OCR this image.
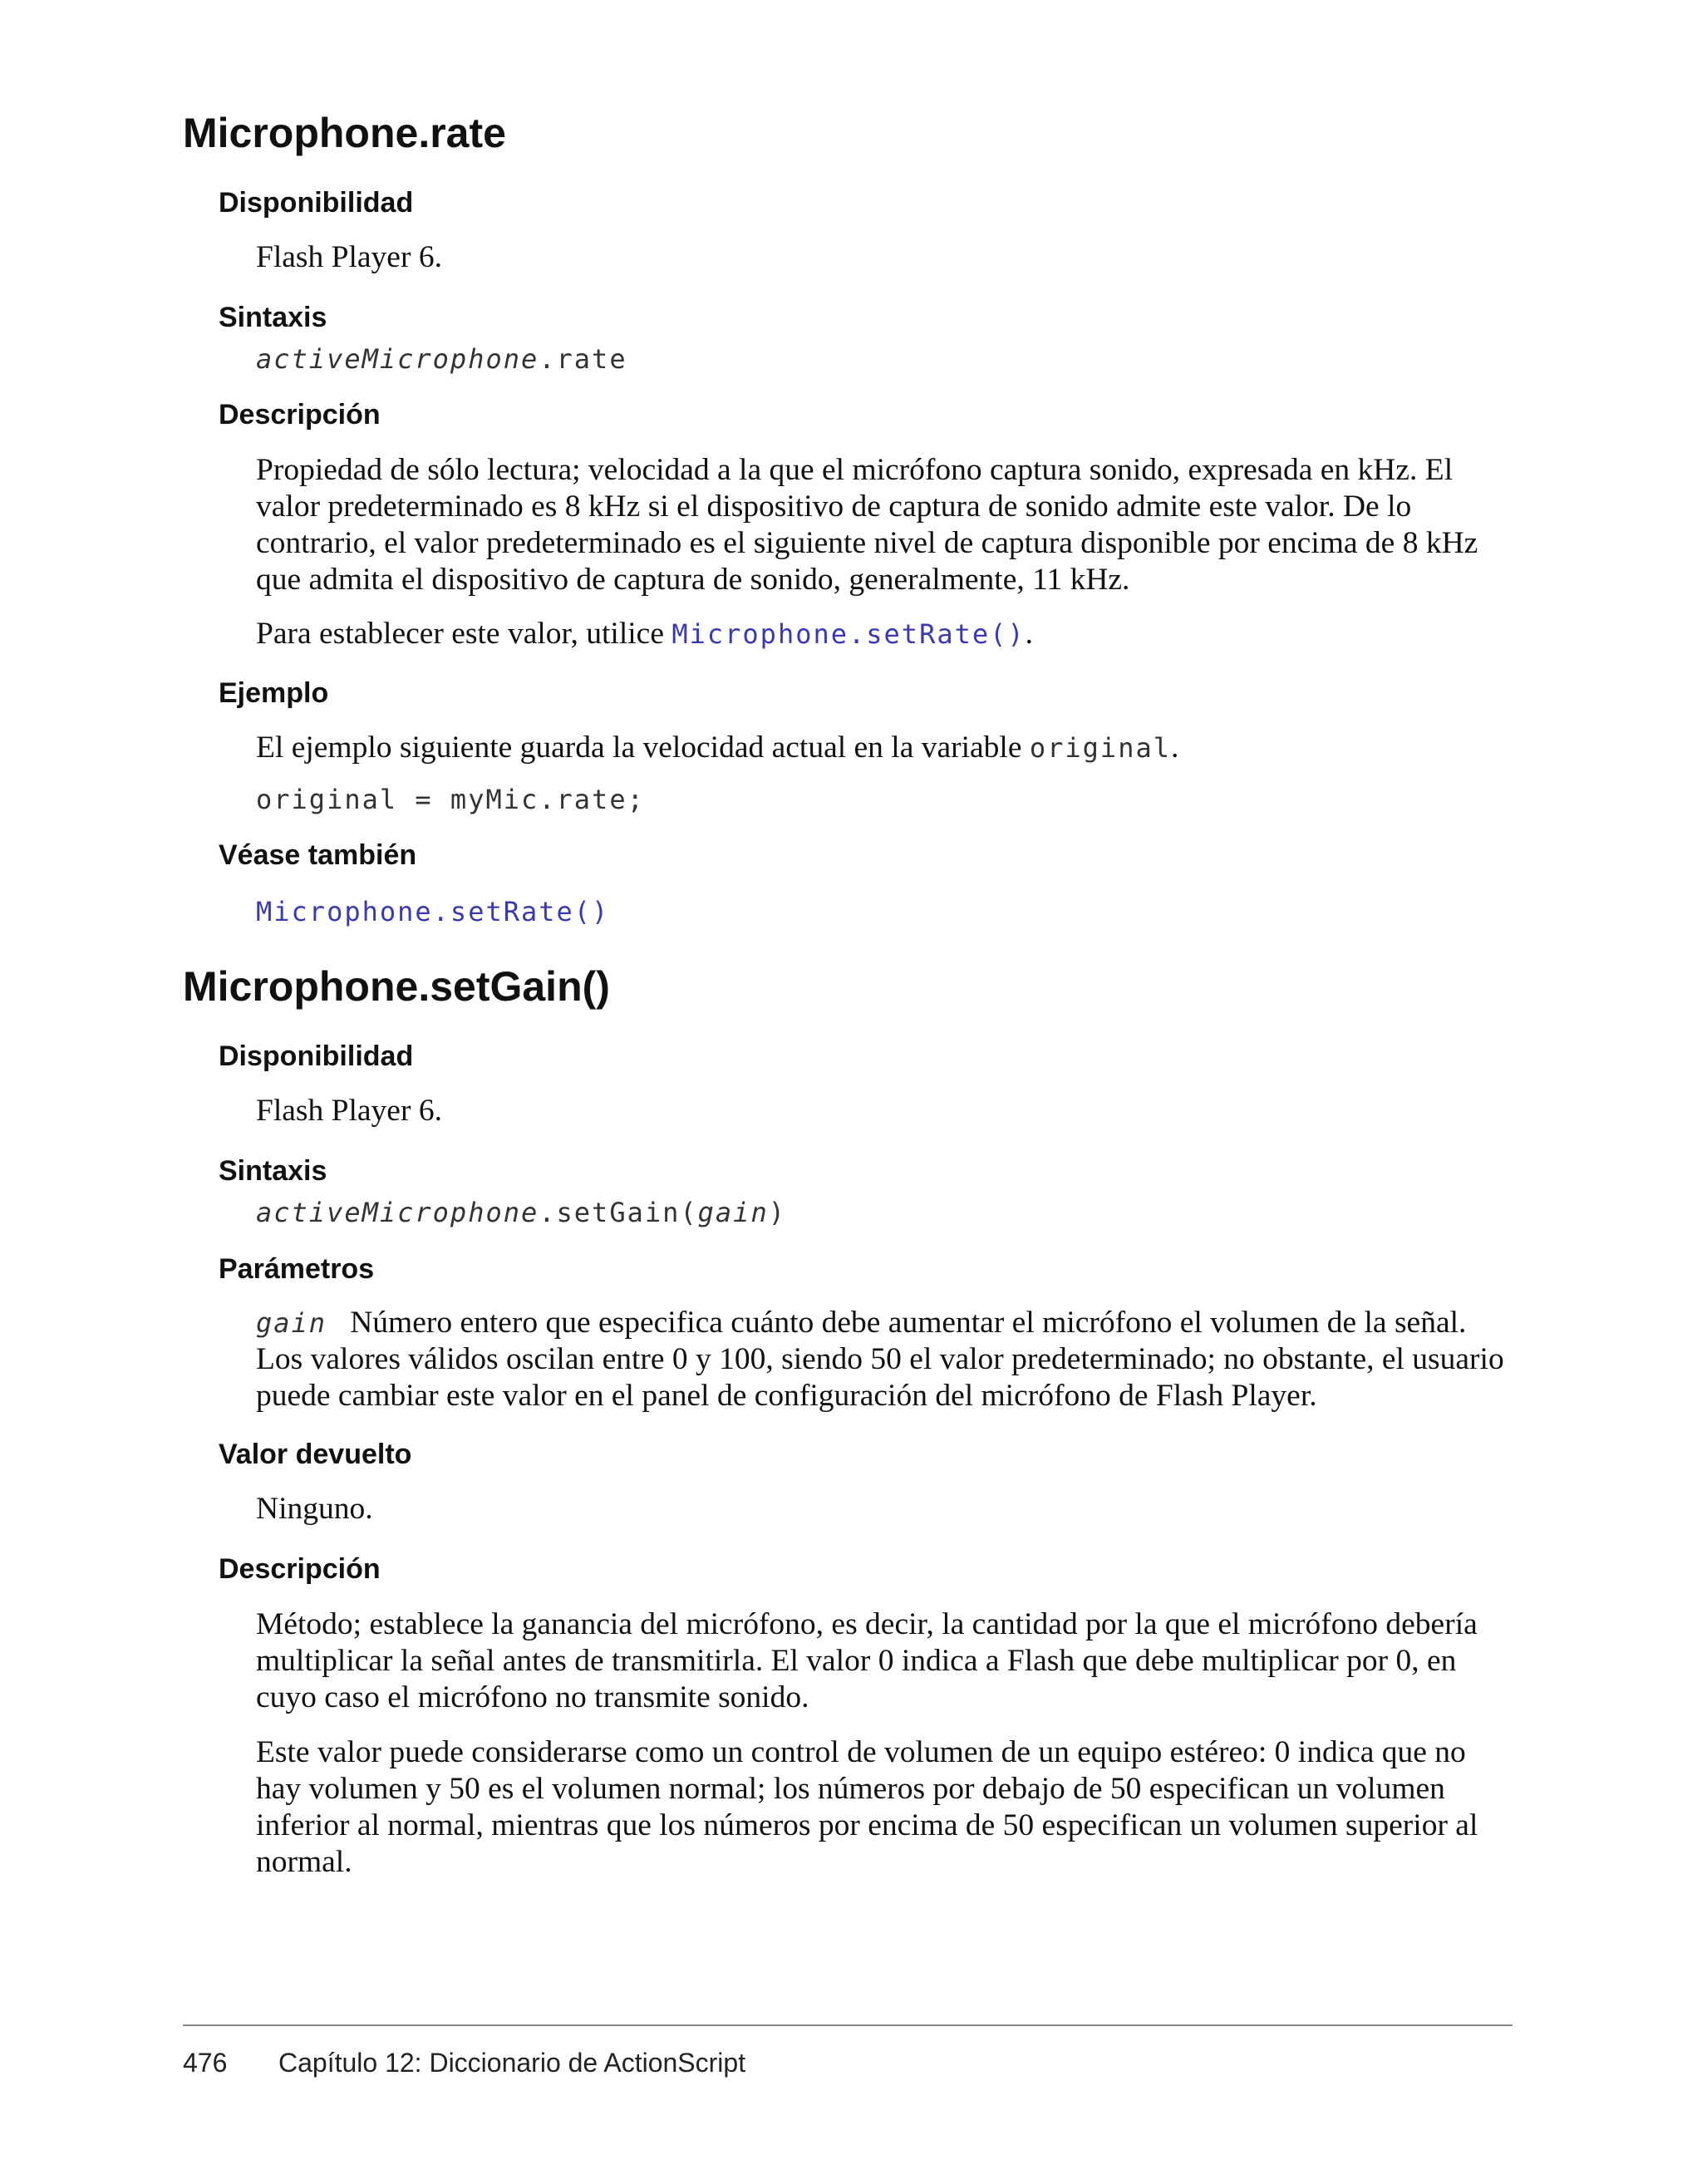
Microphone.rate
Disponibilidad

Flash Player 6.

Sintaxis

activeMicrophone.rate

Descripción

Propiedad de sólo lectura; velocidad a la que el micrófono captura sonido, expresada en kHz. El valor predeterminado es 8 kHz si el dispositivo de captura de sonido admite este valor. De lo contrario, el valor predeterminado es el siguiente nivel de captura disponible por encima de 8 kHz que admita el dispositivo de captura de sonido, generalmente, 11 kHz.

Para establecer este valor, utilice Microphone.setRate().

Ejemplo

El ejemplo siguiente guarda la velocidad actual en la variable original.

original = myMic.rate;

Véase también

Microphone.setRate()

Microphone.setGain()
Disponibilidad

Flash Player 6.

Sintaxis

activeMicrophone.setGain(gain)

Parámetros

gain Número entero que especifica cuánto debe aumentar el micrófono el volumen de la señal. Los valores válidos oscilan entre 0 y 100, siendo 50 el valor predeterminado; no obstante, el usuario puede cambiar este valor en el panel de configuración del micrófono de Flash Player.

Valor devuelto

Ninguno.

Descripción

Método; establece la ganancia del micrófono, es decir, la cantidad por la que el micrófono debería multiplicar la señal antes de transmitirla. El valor 0 indica a Flash que debe multiplicar por 0, en cuyo caso el micrófono no transmite sonido.

Este valor puede considerarse como un control de volumen de un equipo estéreo: 0 indica que no hay volumen y 50 es el volumen normal; los números por debajo de 50 especifican un volumen inferior al normal, mientras que los números por encima de 50 especifican un volumen superior al normal.

476 Capítulo 12: Diccionario de ActionScript
